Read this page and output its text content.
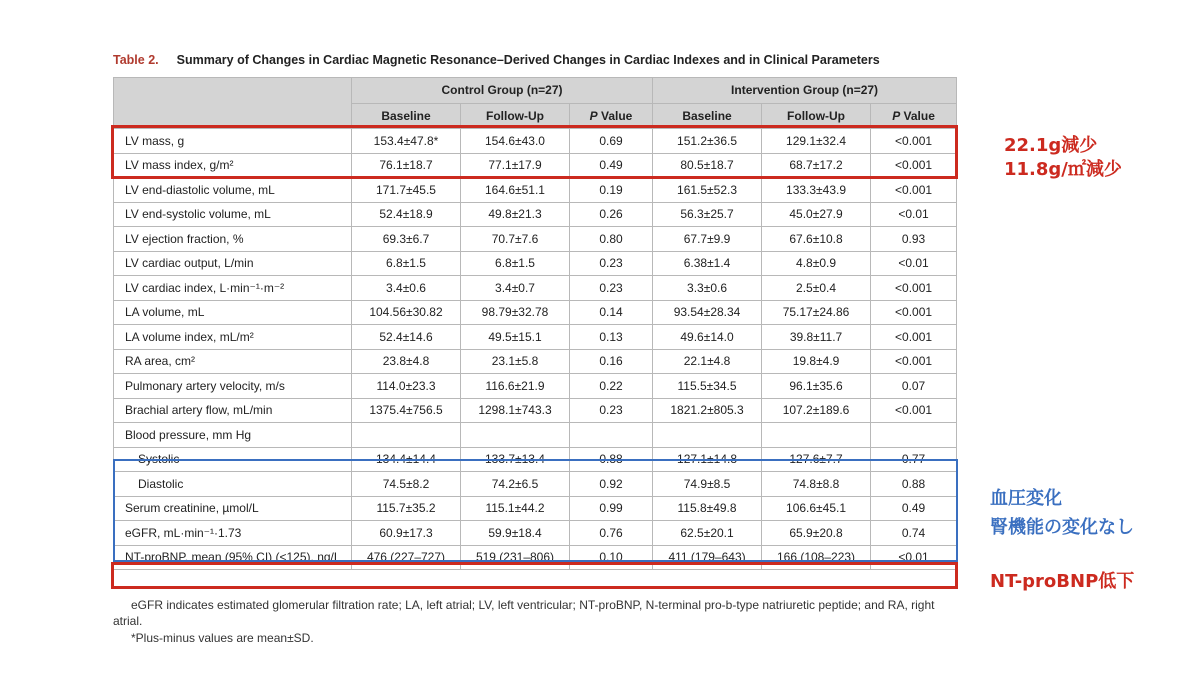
Table 2. Summary of Changes in Cardiac Magnetic Resonance–Derived Changes in Cardiac Indexes and in Clinical Parameters
	Control Group (n=27)			Intervention Group (n=27)		
	Baseline	Follow-Up	P Value	Baseline	Follow-Up	P Value
LV mass, g	153.4±47.8*	154.6±43.0	0.69	151.2±36.5	129.1±32.4	<0.001
LV mass index, g/m²	76.1±18.7	77.1±17.9	0.49	80.5±18.7	68.7±17.2	<0.001
LV end-diastolic volume, mL	171.7±45.5	164.6±51.1	0.19	161.5±52.3	133.3±43.9	<0.001
LV end-systolic volume, mL	52.4±18.9	49.8±21.3	0.26	56.3±25.7	45.0±27.9	<0.01
LV ejection fraction, %	69.3±6.7	70.7±7.6	0.80	67.7±9.9	67.6±10.8	0.93
LV cardiac output, L/min	6.8±1.5	6.8±1.5	0.23	6.38±1.4	4.8±0.9	<0.01
LV cardiac index, L·min⁻¹·m⁻²	3.4±0.6	3.4±0.7	0.23	3.3±0.6	2.5±0.4	<0.001
LA volume, mL	104.56±30.82	98.79±32.78	0.14	93.54±28.34	75.17±24.86	<0.001
LA volume index, mL/m²	52.4±14.6	49.5±15.1	0.13	49.6±14.0	39.8±11.7	<0.001
RA area, cm²	23.8±4.8	23.1±5.8	0.16	22.1±4.8	19.8±4.9	<0.001
Pulmonary artery velocity, m/s	114.0±23.3	116.6±21.9	0.22	115.5±34.5	96.1±35.6	0.07
Brachial artery flow, mL/min	1375.4±756.5	1298.1±743.3	0.23	1821.2±805.3	107.2±189.6	<0.001
Blood pressure, mm Hg						
Systolic	134.4±14.4	133.7±13.4	0.88	127.1±14.8	127.6±7.7	0.77
Diastolic	74.5±8.2	74.2±6.5	0.92	74.9±8.5	74.8±8.8	0.88
Serum creatinine, µmol/L	115.7±35.2	115.1±44.2	0.99	115.8±49.8	106.6±45.1	0.49
eGFR, mL·min⁻¹·1.73	60.9±17.3	59.9±18.4	0.76	62.5±20.1	65.9±20.8	0.74
NT-proBNP, mean (95% CI) (<125), ng/L	476 (227–727)	519 (231–806)	0.10	411 (179–643)	166 (108–223)	<0.01
22.1g減少
11.8g/㎡減少
血圧変化
腎機能の変化なし
NT-proBNP低下
eGFR indicates estimated glomerular filtration rate; LA, left atrial; LV, left ventricular; NT-proBNP, N-terminal pro-b-type natriuretic peptide; and RA, right atrial.
*Plus-minus values are mean±SD.
